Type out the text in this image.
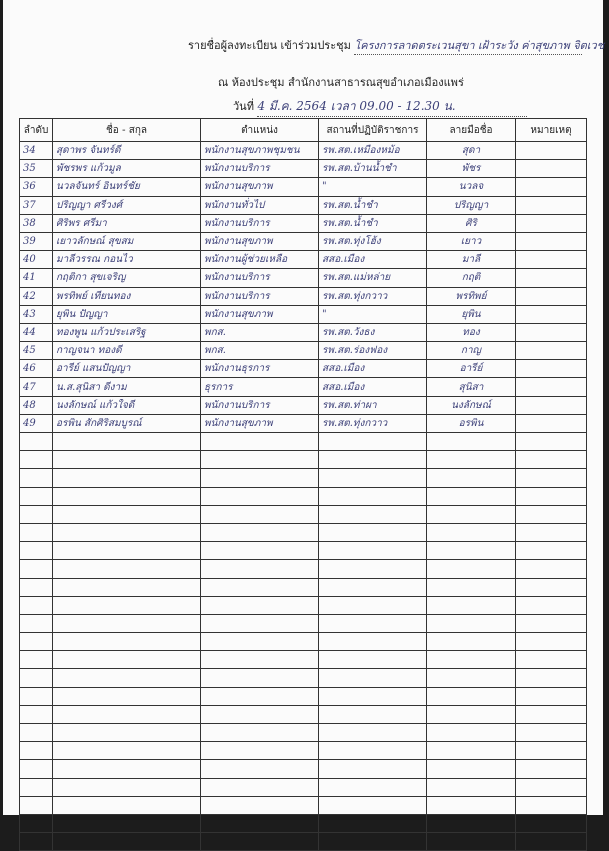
รายชื่อผู้ลงทะเบียน เข้าร่วมประชุม โครงการลาดตระเวนสุขา เฝ้าระวัง ค่าสุขภาพ จิตเวช
ณ ห้องประชุม สำนักงานสาธารณสุขอำเภอเมืองแพร่
วันที่ 4 มี.ค. 2564 เวลา 09.00 - 12.30 น.
ลำดับ	ชื่อ - สกุล	ตำแหน่ง	สถานที่ปฏิบัติราชการ	ลายมือชื่อ	หมายเหตุ
34	สุดาพร จันทร์ดี	พนักงานสุขภาพชุมชน	รพ.สต.เหมืองหม้อ	สุดา	
35	พัชรพร แก้วมูล	พนักงานบริการ	รพ.สต.บ้านน้ำชำ	พัชร	
36	นวลจันทร์ อินทร์ชัย	พนักงานสุขภาพ	"	นวลจ	
37	ปริญญา ศรีวงศ์	พนักงานทั่วไป	รพ.สต.น้ำชำ	ปริญญา	
38	ศิริพร ศรีมา	พนักงานบริการ	รพ.สต.น้ำชำ	ศิริ	
39	เยาวลักษณ์ สุขสม	พนักงานสุขภาพ	รพ.สต.ทุ่งโฮ้ง	เยาว	
40	มาลีวรรณ กอนไว	พนักงานผู้ช่วยเหลือ	สสอ.เมือง	มาลี	
41	กฤติกา สุขเจริญ	พนักงานบริการ	รพ.สต.แม่หล่าย	กฤติ	
42	พรทิพย์ เทียนทอง	พนักงานบริการ	รพ.สต.ทุ่งกวาว	พรทิพย์	
43	ยุพิน ปัญญา	พนักงานสุขภาพ	"	ยุพิน	
44	ทองพูน แก้วประเสริฐ	พกส.	รพ.สต.วังธง	ทอง	
45	กาญจนา ทองดี	พกส.	รพ.สต.ร่องฟอง	กาญ	
46	อารีย์ แสนปัญญา	พนักงานธุรการ	สสอ.เมือง	อารีย์	
47	น.ส.สุนิสา ดีงาม	ธุรการ	สสอ.เมือง	สุนิสา	
48	นงลักษณ์ แก้วใจดี	พนักงานบริการ	รพ.สต.ท่าผา	นงลักษณ์	
49	อรพิน สักศิริสมบูรณ์	พนักงานสุขภาพ	รพ.สต.ทุ่งกวาว	อรพิน	
